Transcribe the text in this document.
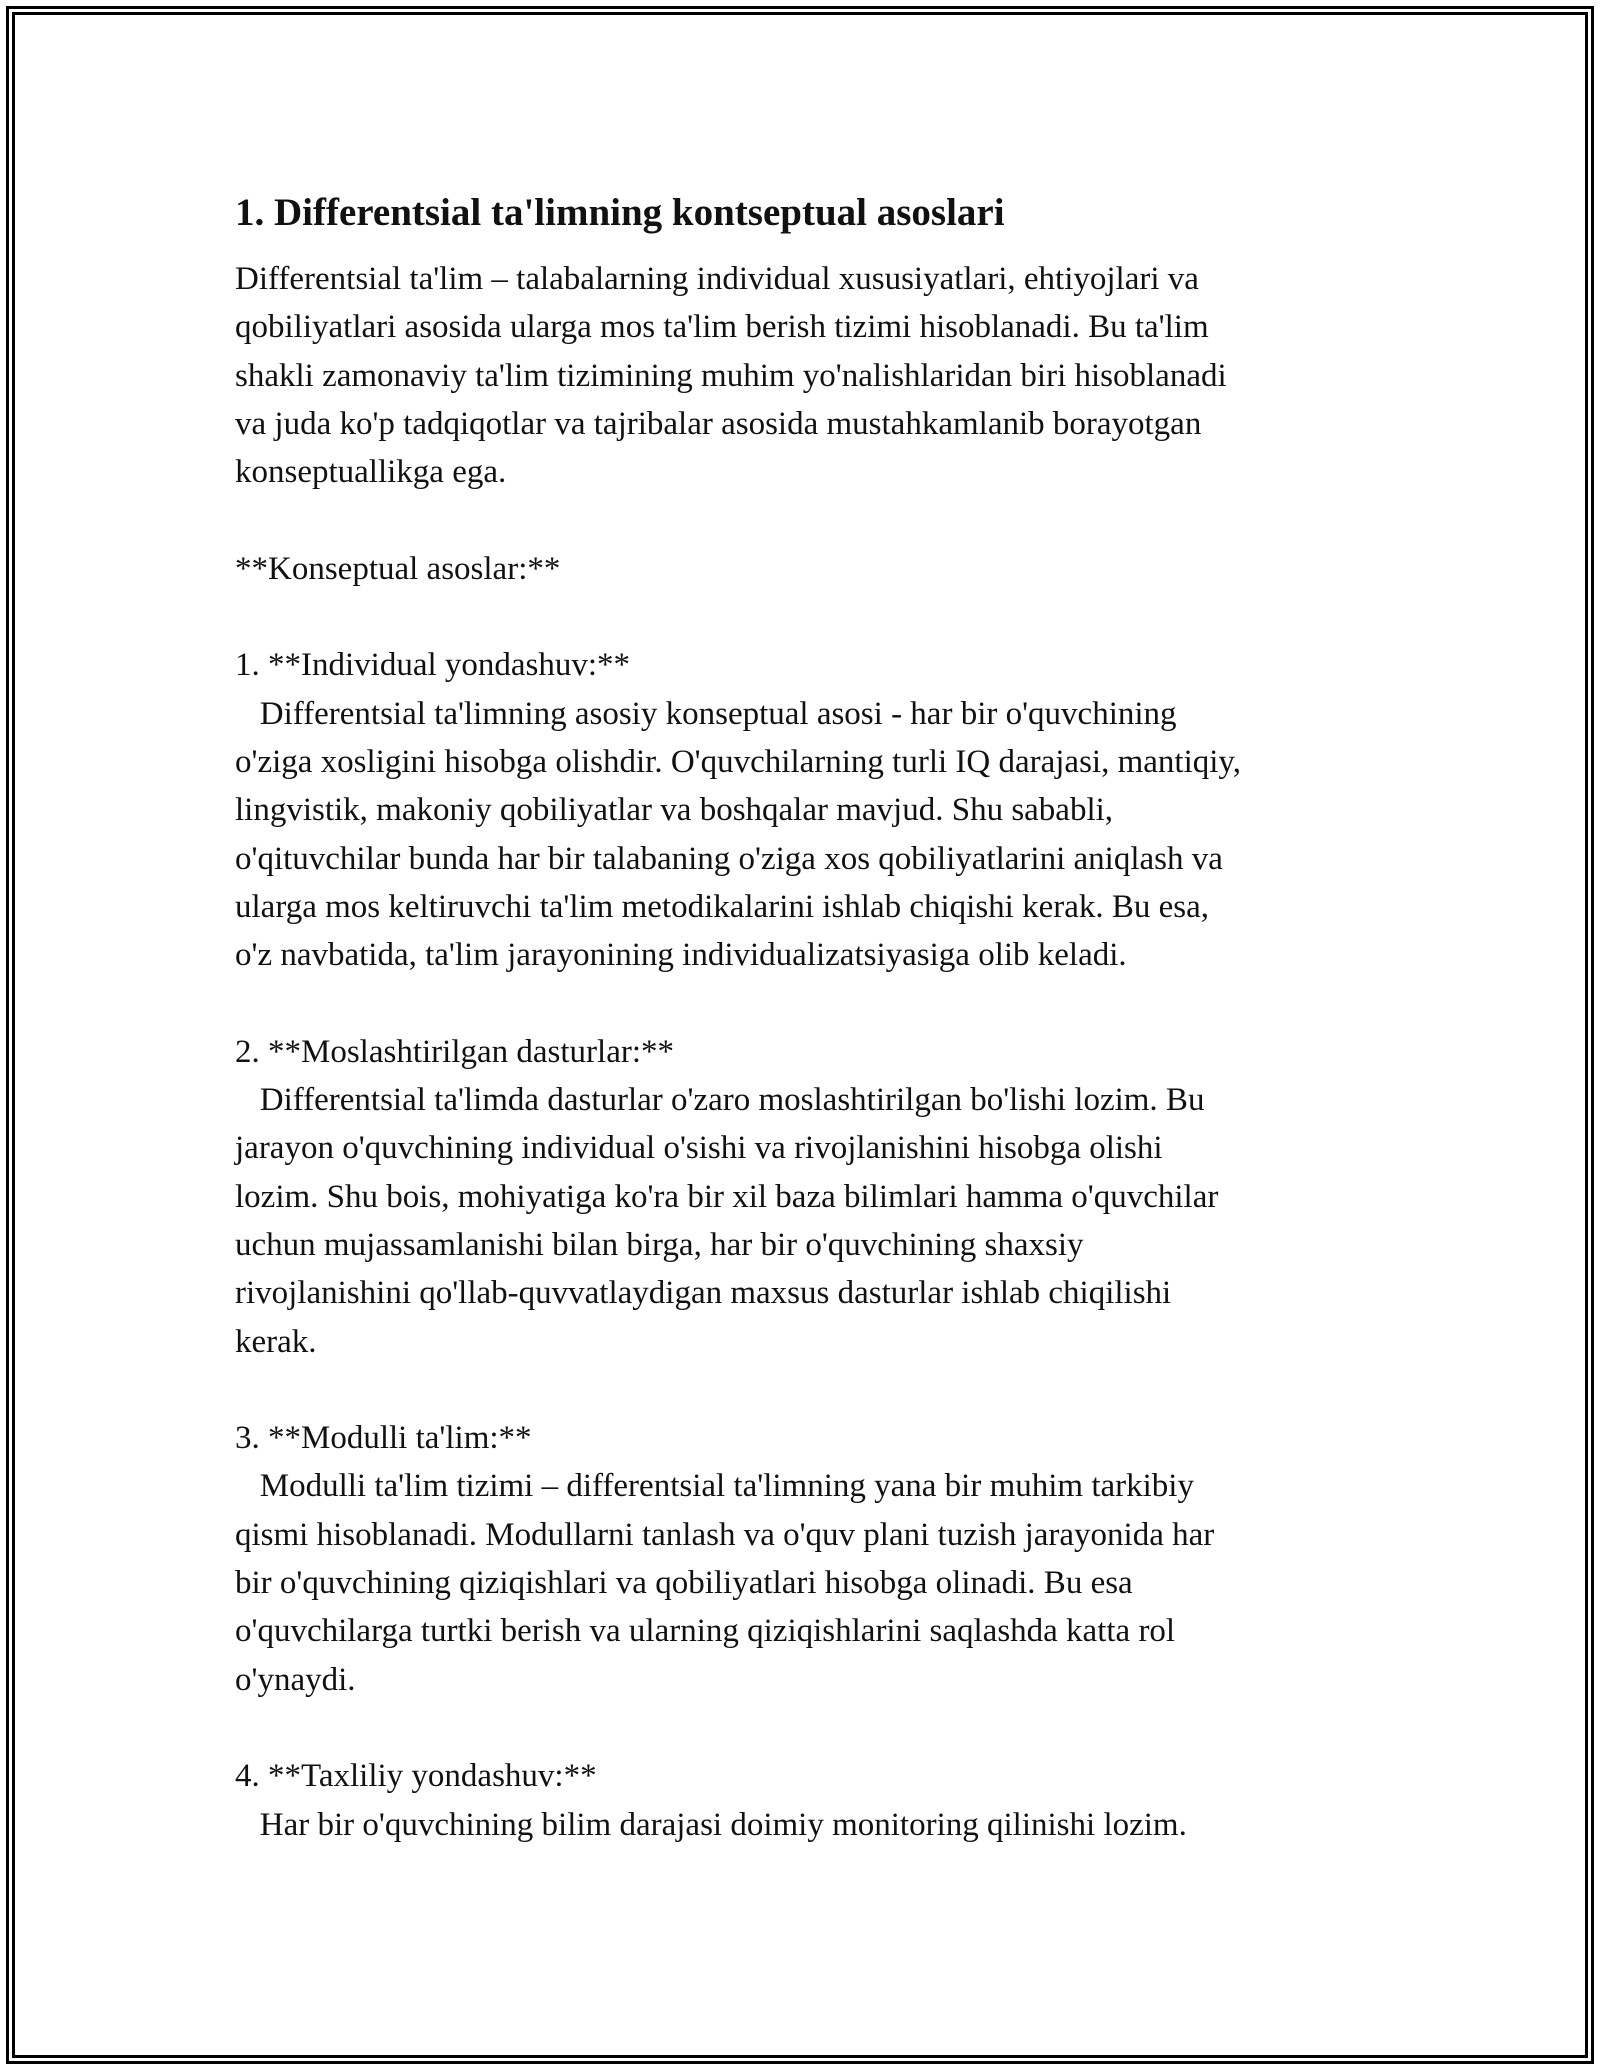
1. Differentsial ta'limning kontseptual asoslari
Differentsial ta'lim – talabalarning individual xususiyatlari, ehtiyojlari va
qobiliyatlari asosida ularga mos ta'lim berish tizimi hisoblanadi. Bu ta'lim
shakli zamonaviy ta'lim tizimining muhim yo'nalishlaridan biri hisoblanadi
va juda ko'p tadqiqotlar va tajribalar asosida mustahkamlanib borayotgan
konseptuallikga ega.

**Konseptual asoslar:**

1. **Individual yondashuv:**
Differentsial ta'limning asosiy konseptual asosi - har bir o'quvchining
o'ziga xosligini hisobga olishdir. O'quvchilarning turli IQ darajasi, mantiqiy,
lingvistik, makoniy qobiliyatlar va boshqalar mavjud. Shu sababli,
o'qituvchilar bunda har bir talabaning o'ziga xos qobiliyatlarini aniqlash va
ularga mos keltiruvchi ta'lim metodikalarini ishlab chiqishi kerak. Bu esa,
o'z navbatida, ta'lim jarayonining individualizatsiyasiga olib keladi.

2. **Moslashtirilgan dasturlar:**
Differentsial ta'limda dasturlar o'zaro moslashtirilgan bo'lishi lozim. Bu
jarayon o'quvchining individual o'sishi va rivojlanishini hisobga olishi
lozim. Shu bois, mohiyatiga ko'ra bir xil baza bilimlari hamma o'quvchilar
uchun mujassamlanishi bilan birga, har bir o'quvchining shaxsiy
rivojlanishini qo'llab-quvvatlaydigan maxsus dasturlar ishlab chiqilishi
kerak.

3. **Modulli ta'lim:**
Modulli ta'lim tizimi – differentsial ta'limning yana bir muhim tarkibiy
qismi hisoblanadi. Modullarni tanlash va o'quv plani tuzish jarayonida har
bir o'quvchining qiziqishlari va qobiliyatlari hisobga olinadi. Bu esa
o'quvchilarga turtki berish va ularning qiziqishlarini saqlashda katta rol
o'ynaydi.

4. **Taxliliy yondashuv:**
Har bir o'quvchining bilim darajasi doimiy monitoring qilinishi lozim.
